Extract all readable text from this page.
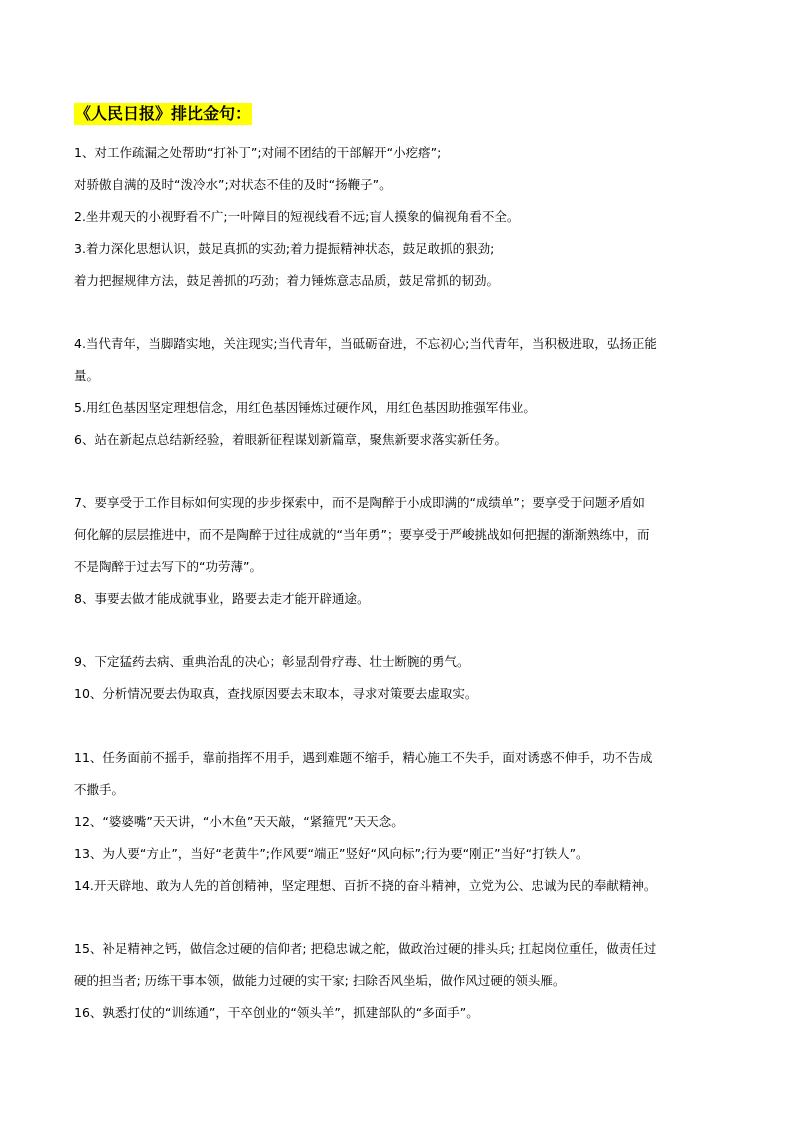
《人民日报》排比金句：
1、对工作疏漏之处帮助“打补丁”;对闹不团结的干部解开“小疙瘩”;
对骄傲自满的及时“泼冷水”;对状态不佳的及时“扬鞭子”。
2.坐井观天的小视野看不广;一叶障目的短视线看不远;盲人摸象的偏视角看不全。
3.着力深化思想认识，鼓足真抓的实劲;着力提振精神状态，鼓足敢抓的狠劲;
着力把握规律方法，鼓足善抓的巧劲；着力锤炼意志品质，鼓足常抓的韧劲。
4.当代青年，当脚踏实地，关注现实;当代青年，当砥砺奋进，不忘初心;当代青年，当积极进取，弘扬正能
量。
5.用红色基因坚定理想信念，用红色基因锤炼过硬作风，用红色基因助推强军伟业。
6、站在新起点总结新经验，着眼新征程谋划新篇章，聚焦新要求落实新任务。
7、要享受于工作目标如何实现的步步探索中，而不是陶醉于小成即满的“成绩单”；要享受于问题矛盾如
何化解的层层推进中，而不是陶醉于过往成就的“当年勇”；要享受于严峻挑战如何把握的渐渐熟练中，而
不是陶醉于过去写下的“功劳薄”。
8、事要去做才能成就事业，路要去走才能开辟通途。
9、下定猛药去病、重典治乱的决心；彰显刮骨疗毒、壮士断腕的勇气。
10、分析情况要去伪取真，查找原因要去末取本，寻求对策要去虚取实。
11、任务面前不摇手，靠前指挥不用手，遇到难题不缩手，精心施工不失手，面对诱惑不伸手，功不告成
不撒手。
12、“婆婆嘴”天天讲，“小木鱼”天天敲，“紧箍咒”天天念。
13、为人要“方止”，当好“老黄牛”;作风要“端正”竖好“风向标”;行为要“刚正”当好“打铁人”。
14.开天辟地、敢为人先的首创精神，坚定理想、百折不挠的奋斗精神，立党为公、忠诚为民的奉献精神。
15、补足精神之钙，做信念过硬的信仰者; 把稳忠诚之舵，做政治过硬的排头兵; 扛起岗位重任，做责任过
硬的担当者; 历练干事本领，做能力过硬的实干家; 扫除否风坐垢，做作风过硬的领头雁。
16、孰悉打仗的“训练通”，干卒创业的“领头羊”，抓建部队的“多面手”。
